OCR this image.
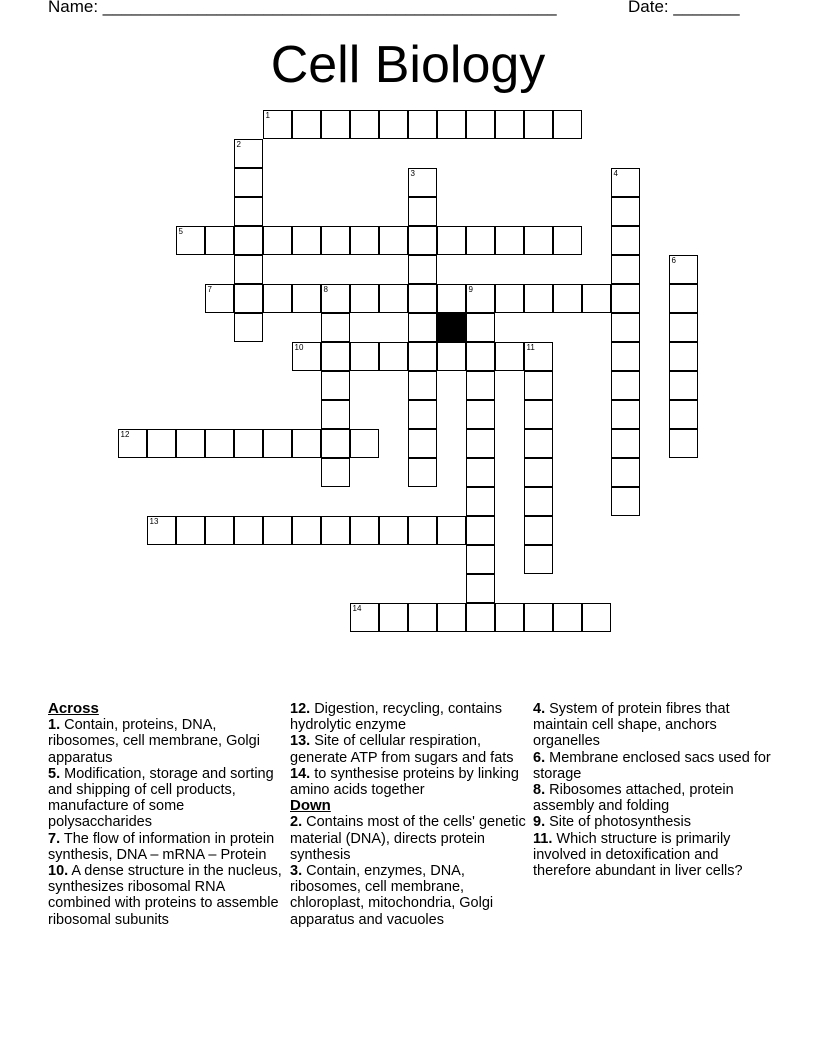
Name: ________________________________________________	Date: _______
Cell Biology
1
5
7	8	9
10	11
12
13
14
2
3	4
6

Across

1. Contain, proteins, DNA, ribosomes, cell membrane, Golgi apparatus

5. Modification, storage and sorting and shipping of cell products, manufacture of some polysaccharides

7. The flow of information in protein synthesis, DNA – mRNA – Protein

10. A dense structure in the nucleus, synthesizes ribosomal RNA combined with proteins to assemble ribosomal subunits

12. Digestion, recycling, contains hydrolytic enzyme

13. Site of cellular respiration, generate ATP from sugars and fats

14. to synthesise proteins by linking amino acids together

Down

2. Contains most of the cells' genetic material (DNA), directs protein synthesis

3. Contain, enzymes, DNA, ribosomes, cell membrane, chloroplast, mitochondria, Golgi apparatus and vacuoles

4. System of protein fibres that maintain cell shape, anchors organelles

6. Membrane enclosed sacs used for storage

8. Ribosomes attached, protein assembly and folding

9. Site of photosynthesis

11. Which structure is primarily involved in detoxification and therefore abundant in liver cells?
